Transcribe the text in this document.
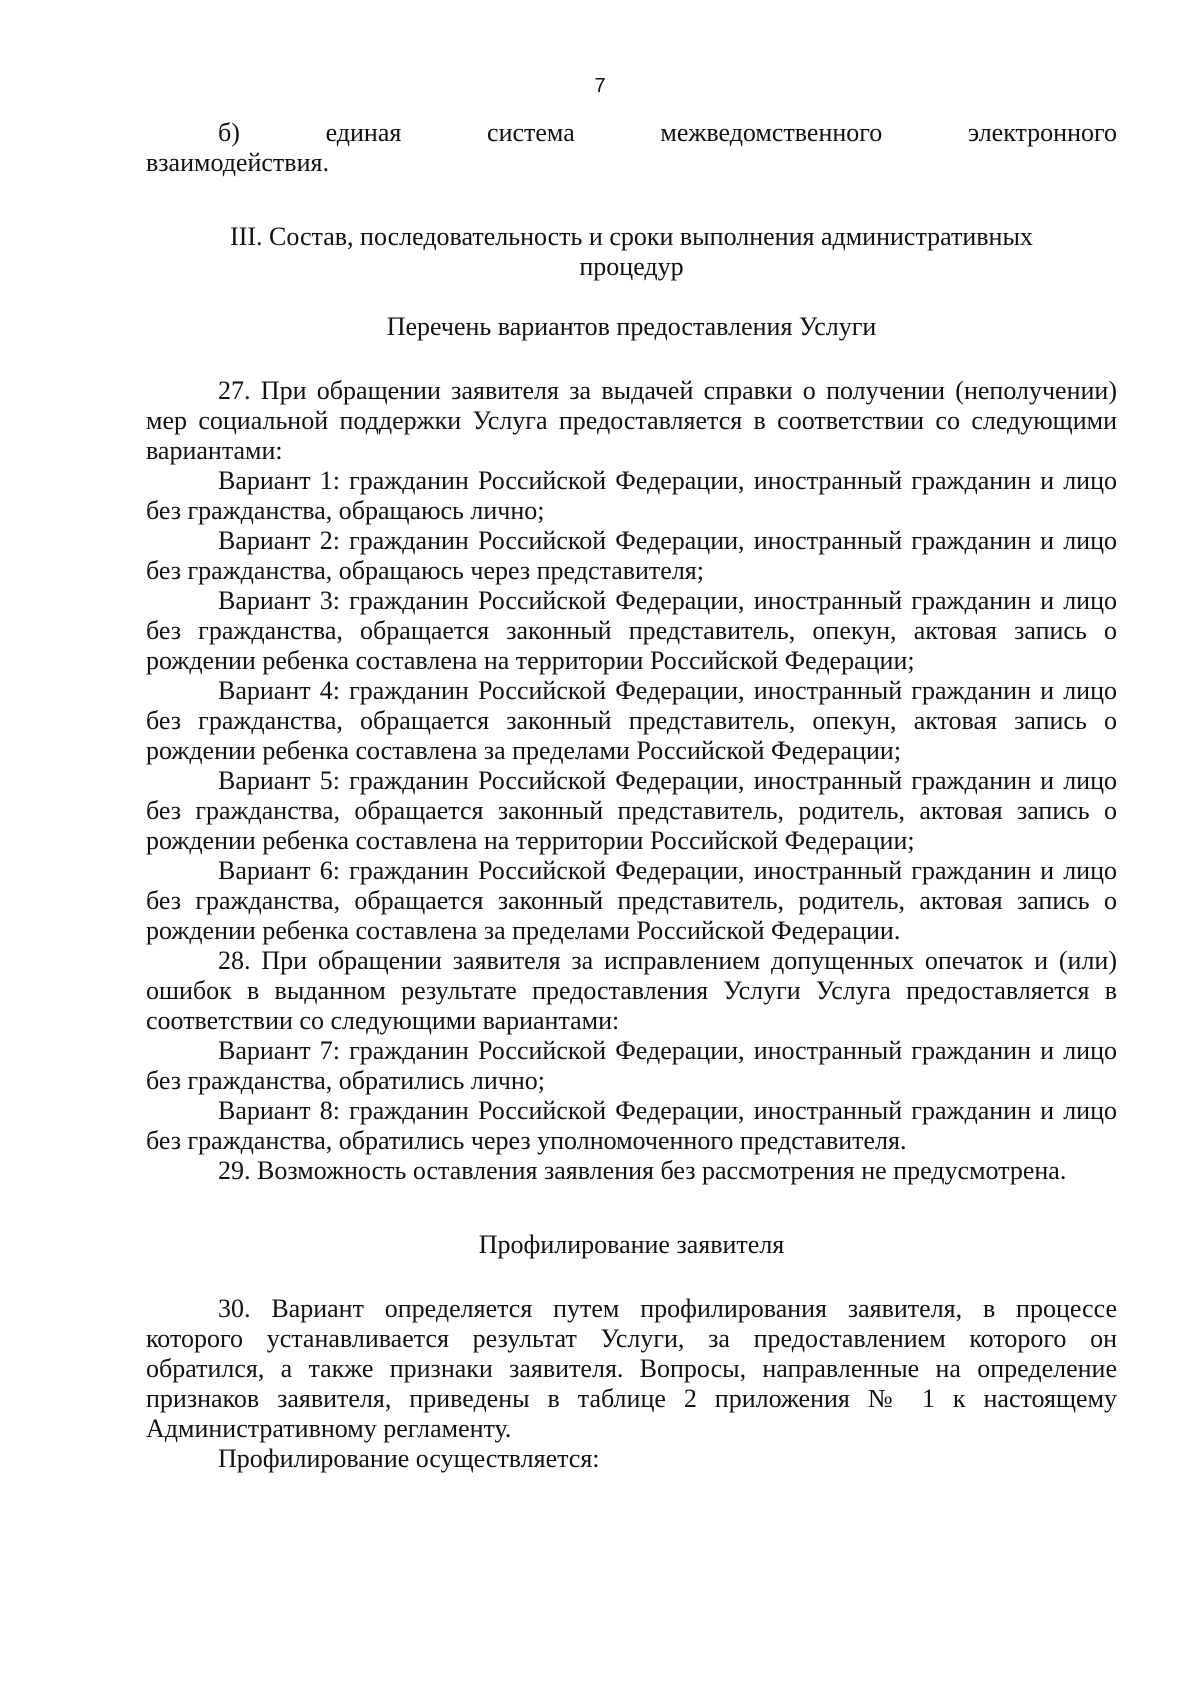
7

б)	единая	система межведомственного	электронного

взаимодействия.

III. Состав, последовательность и сроки выполнения административных
процедур

Перечень вариантов предоставления Услуги

27. При обращении заявителя за выдачей справки о получении (неполучении) мер социальной поддержки Услуга предоставляется в соответствии со следующими вариантами:

Вариант 1: гражданин Российской Федерации, иностранный гражданин и лицо без гражданства, обращаюсь лично;

Вариант 2: гражданин Российской Федерации, иностранный гражданин и лицо без гражданства, обращаюсь через представителя;

Вариант 3: гражданин Российской Федерации, иностранный гражданин и лицо без гражданства, обращается законный представитель, опекун, актовая запись о рождении ребенка составлена на территории Российской Федерации;

Вариант 4: гражданин Российской Федерации, иностранный гражданин и лицо без гражданства, обращается законный представитель, опекун, актовая запись о рождении ребенка составлена за пределами Российской Федерации;

Вариант 5: гражданин Российской Федерации, иностранный гражданин и лицо без гражданства, обращается законный представитель, родитель, актовая запись о рождении ребенка составлена на территории Российской Федерации;

Вариант 6: гражданин Российской Федерации, иностранный гражданин и лицо без гражданства, обращается законный представитель, родитель, актовая запись о рождении ребенка составлена за пределами Российской Федерации.

28. При обращении заявителя за исправлением допущенных опечаток и (или) ошибок в выданном результате предоставления Услуги Услуга предоставляется в соответствии со следующими вариантами:

Вариант 7: гражданин Российской Федерации, иностранный гражданин и лицо без гражданства, обратились лично;

Вариант 8: гражданин Российской Федерации, иностранный гражданин и лицо без гражданства, обратились через уполномоченного представителя.

29. Возможность оставления заявления без рассмотрения не предусмотрена.

Профилирование заявителя

30. Вариант определяется путем профилирования заявителя, в процессе которого устанавливается результат Услуги, за предоставлением которого он обратился, а также признаки заявителя. Вопросы, направленные на определение признаков заявителя, приведены в таблице 2 приложения № 1 к настоящему Административному регламенту.

Профилирование осуществляется:
